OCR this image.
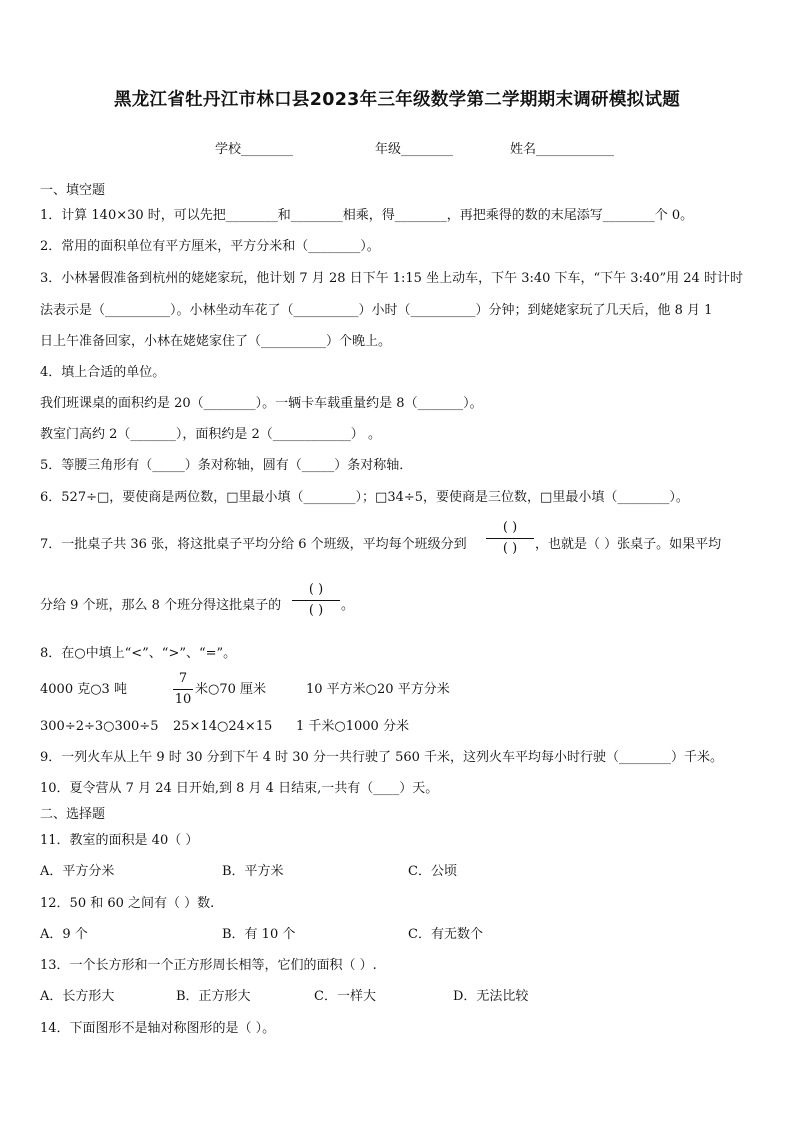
黑龙江省牡丹江市林口县2023年三年级数学第二学期期末调研模拟试题
学校________	年级________	姓名____________
一、填空题
1．计算 140×30 时，可以先把________和________相乘，得________，再把乘得的数的末尾添写________个 0。
2．常用的面积单位有平方厘米，平方分米和（________）。
3．小林暑假准备到杭州的姥姥家玩，他计划 7 月 28 日下午 1:15 坐上动车，下午 3:40 下车，“下午 3:40”用 24 时计时
法表示是（__________）。小林坐动车花了（__________）小时（__________）分钟；到姥姥家玩了几天后，他 8 月 1
日上午准备回家，小林在姥姥家住了（__________）个晚上。
4．填上合适的单位。
我们班课桌的面积约是 20（________）。一辆卡车载重量约是 8（_______）。
教室门高约 2（_______），面积约是 2（____________） 。
5．等腰三角形有（_____）条对称轴，圆有（_____）条对称轴．
6．527÷□，要使商是两位数，□里最小填（________）；□34÷5，要使商是三位数，□里最小填（________）。
7．一批桌子共 36 张，将这批桌子平均分给 6 个班级，平均每个班级分到
( )
( )	，也就是（ ）张桌子。如果平均
分给 9 个班，那么 8 个班分得这批桌子的
( )
( )	。
8．在○中填上“<”、“>”、“=”。
4000 克○3 吨
7
10
米○70 厘米	10 平方米○20 平方分米
300÷2÷3○300÷5 25×14○24×15 1 千米○1000 分米
9．一列火车从上午 9 时 30 分到下午 4 时 30 分一共行驶了 560 千米，这列火车平均每小时行驶（________）千米。
10．夏令营从 7 月 24 日开始,到 8 月 4 日结束,一共有（____）天。
二、选择题
11．教室的面积是 40（ ）
A．平方分米	B．平方米	C．公顷
12．50 和 60 之间有（ ）数.
A．9 个	B．有 10 个	C．有无数个
13．一个长方形和一个正方形周长相等，它们的面积（ ）.
A．长方形大	B．正方形大	C．一样大	D．无法比较
14．下面图形不是轴对称图形的是（ ）。
